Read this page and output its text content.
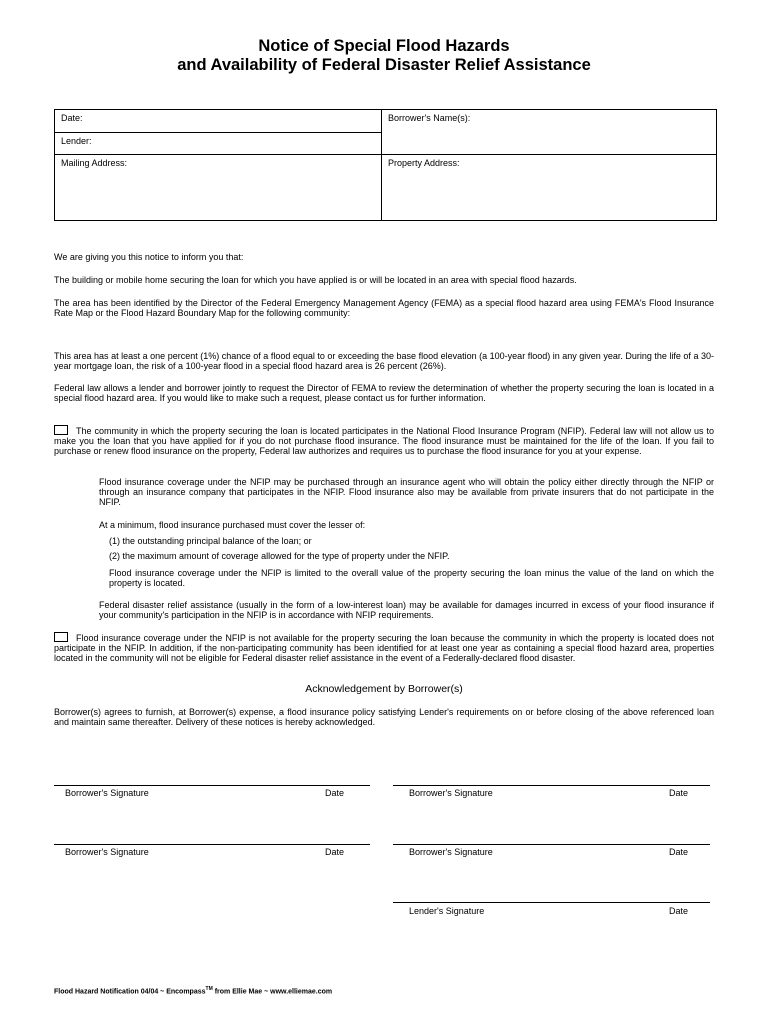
Notice of Special Flood Hazards
and Availability of Federal Disaster Relief Assistance
Date:	Borrower's Name(s):
Lender:	
Mailing Address:	Property Address:

We are giving you this notice to inform you that:

The building or mobile home securing the loan for which you have applied is or will be located in an area with special flood hazards.

The area has been identified by the Director of the Federal Emergency Management Agency (FEMA) as a special flood hazard area using FEMA's Flood Insurance Rate Map or the Flood Hazard Boundary Map for the following community:

This area has at least a one percent (1%) chance of a flood equal to or exceeding the base flood elevation (a 100-year flood) in any given year. During the life of a 30-year mortgage loan, the risk of a 100-year flood in a special flood hazard area is 26 percent (26%).

Federal law allows a lender and borrower jointly to request the Director of FEMA to review the determination of whether the property securing the loan is located in a special flood hazard area. If you would like to make such a request, please contact us for further information.

The community in which the property securing the loan is located participates in the National Flood Insurance Program (NFIP). Federal law will not allow us to make you the loan that you have applied for if you do not purchase flood insurance. The flood insurance must be maintained for the life of the loan. If you fail to purchase or renew flood insurance on the property, Federal law authorizes and requires us to purchase the flood insurance for you at your expense.

Flood insurance coverage under the NFIP may be purchased through an insurance agent who will obtain the policy either directly through the NFIP or through an insurance company that participates in the NFIP. Flood insurance also may be available from private insurers that do not participate in the NFIP.

At a minimum, flood insurance purchased must cover the lesser of:

(1) the outstanding principal balance of the loan; or

(2) the maximum amount of coverage allowed for the type of property under the NFIP.

Flood insurance coverage under the NFIP is limited to the overall value of the property securing the loan minus the value of the land on which the property is located.

Federal disaster relief assistance (usually in the form of a low-interest loan) may be available for damages incurred in excess of your flood insurance if your community's participation in the NFIP is in accordance with NFIP requirements.

Flood insurance coverage under the NFIP is not available for the property securing the loan because the community in which the property is located does not participate in the NFIP. In addition, if the non-participating community has been identified for at least one year as containing a special flood hazard area, properties located in the community will not be eligible for Federal disaster relief assistance in the event of a Federally-declared flood disaster.

Acknowledgement by Borrower(s)

Borrower(s) agrees to furnish, at Borrower(s) expense, a flood insurance policy satisfying Lender's requirements on or before closing of the above referenced loan and maintain same thereafter. Delivery of these notices is hereby acknowledged.

Borrower's Signature	Date	Borrower's Signature	Date
Borrower's Signature	Date	Borrower's Signature	Date
Lender's Signature	Date
Flood Hazard Notification 04/04 ~ Encompass™ from Ellie Mae ~ www.elliemae.com
